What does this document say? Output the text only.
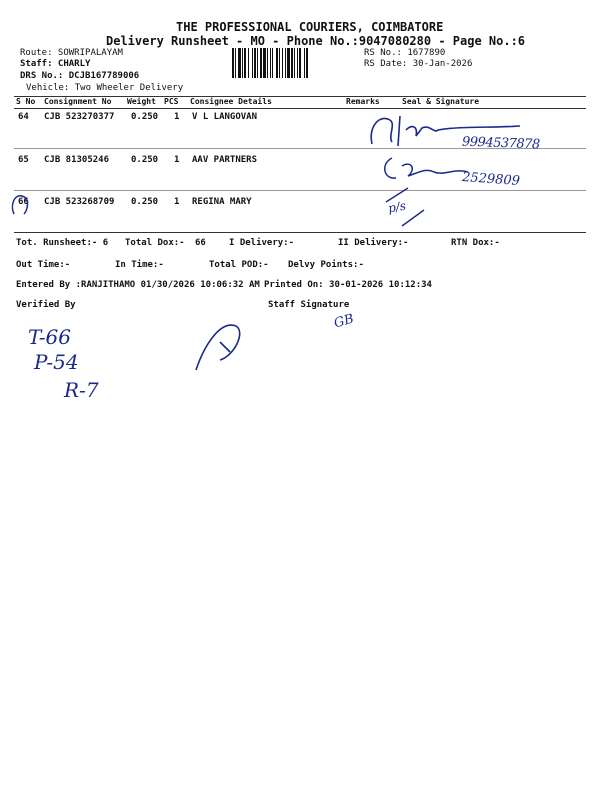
THE PROFESSIONAL COURIERS, COIMBATORE
Delivery Runsheet - MO - Phone No.:9047080280 - Page No.:6
Route: SOWRIPALAYAM
Staff: CHARLY
DRS No.: DCJB167789006
Vehicle: Two Wheeler Delivery
RS No.: 1677890
RS Date: 30-Jan-2026
S No Consignment No Weight PCS Consignee Details	Remarks	Seal & Signature
64 CJB 523270377 0.250 1 V L LANGOVAN
65 CJB 81305246 0.250 1 AAV PARTNERS
66 CJB 523268709 0.250 1 REGINA MARY
Tot. Runsheet:- 6 Total Dox:- 66	I Delivery:-	II Delivery:-	RTN Dox:-
Out Time:-	In Time:-	Total POD:- Delvy Points:-
Entered By :RANJITHAMO 01/30/2026 10:06:32 AM Printed On: 30-01-2026 10:12:34
Verified By	Staff Signature
9994537878
2529809
p/s
T-66
P-54
R-7
GB
